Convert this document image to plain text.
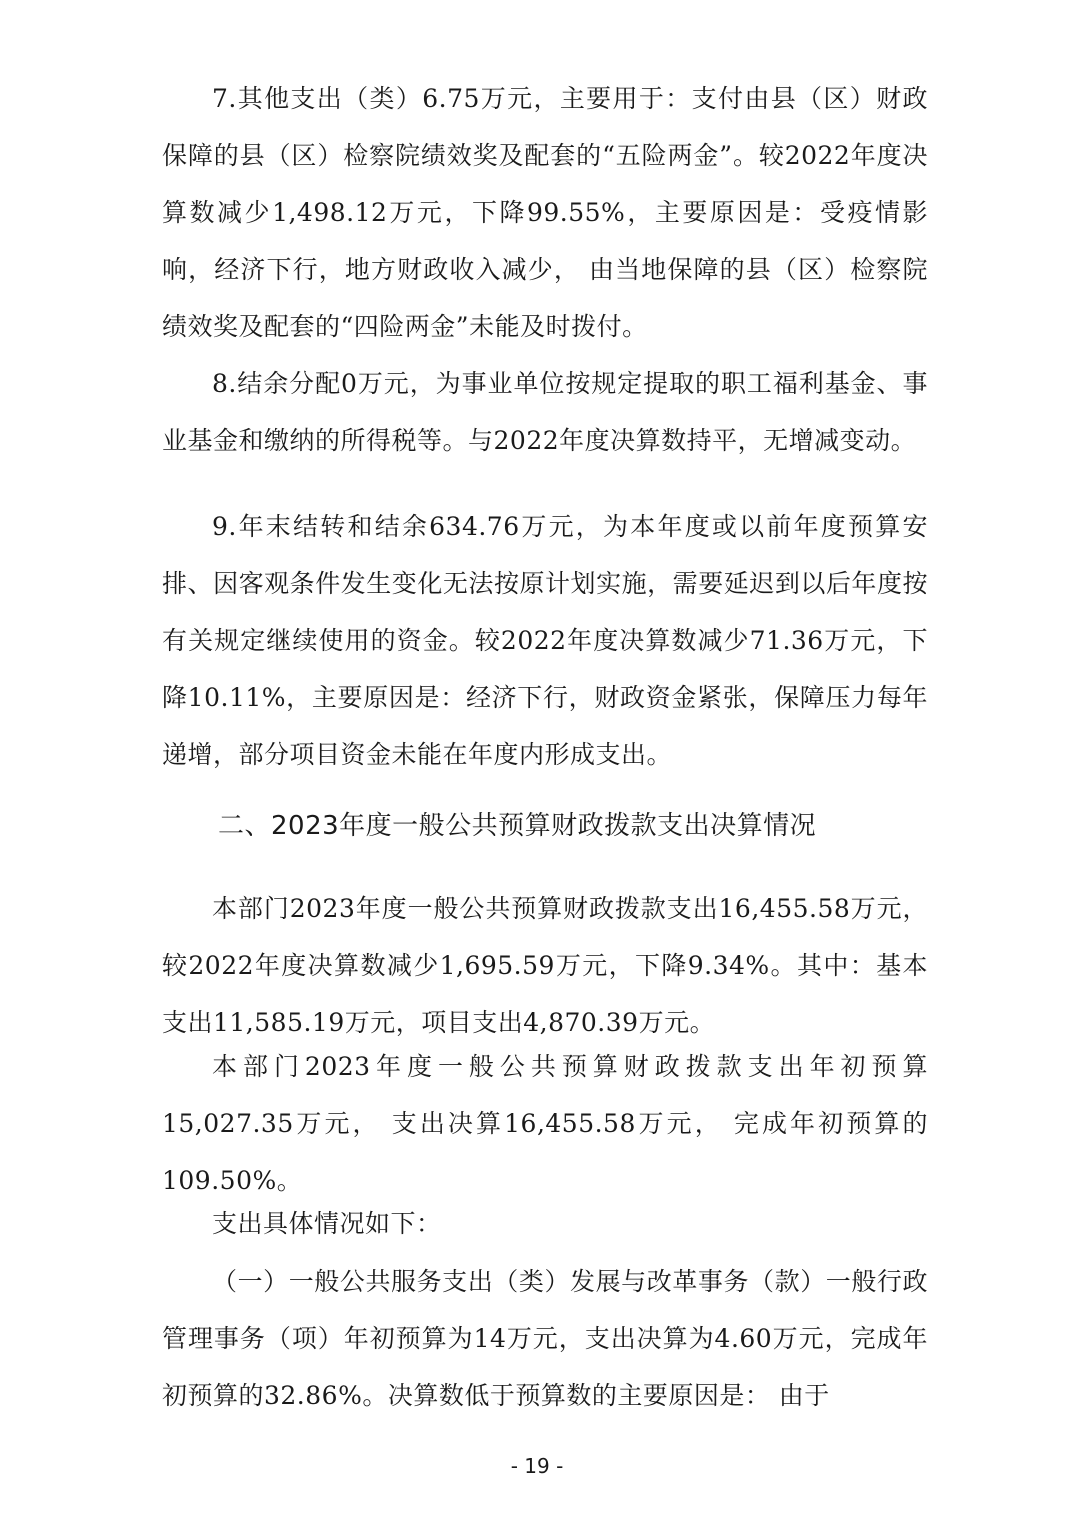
7.其他支出（类）6.75万元，主要用于：支付由县（区）财政保障的县（区）检察院绩效奖及配套的“五险两金”。较2022年度决算数减少1,498.12万元，下降99.55%，主要原因是：受疫情影响，经济下行，地方财政收入减少， 由当地保障的县（区）检察院绩效奖及配套的“四险两金”未能及时拨付。

8.结余分配0万元，为事业单位按规定提取的职工福利基金、事业基金和缴纳的所得税等。与2022年度决算数持平，无增减变动。

9.年末结转和结余634.76万元，为本年度或以前年度预算安排、因客观条件发生变化无法按原计划实施，需要延迟到以后年度按有关规定继续使用的资金。较2022年度决算数减少71.36万元，下降10.11%，主要原因是：经济下行，财政资金紧张，保障压力每年递增，部分项目资金未能在年度内形成支出。

二、2023年度一般公共预算财政拨款支出决算情况

本部门2023年度一般公共预算财政拨款支出16,455.58万元，较2022年度决算数减少1,695.59万元，下降9.34%。其中：基本支出11,585.19万元，项目支出4,870.39万元。

本部门2023年度一般公共预算财政拨款支出年初预算15,027.35万元， 支出决算16,455.58万元， 完成年初预算的109.50%。

支出具体情况如下：

（一）一般公共服务支出（类）发展与改革事务（款）一般行政管理事务（项）年初预算为14万元，支出决算为4.60万元，完成年初预算的32.86%。决算数低于预算数的主要原因是： 由于

- 19 -
